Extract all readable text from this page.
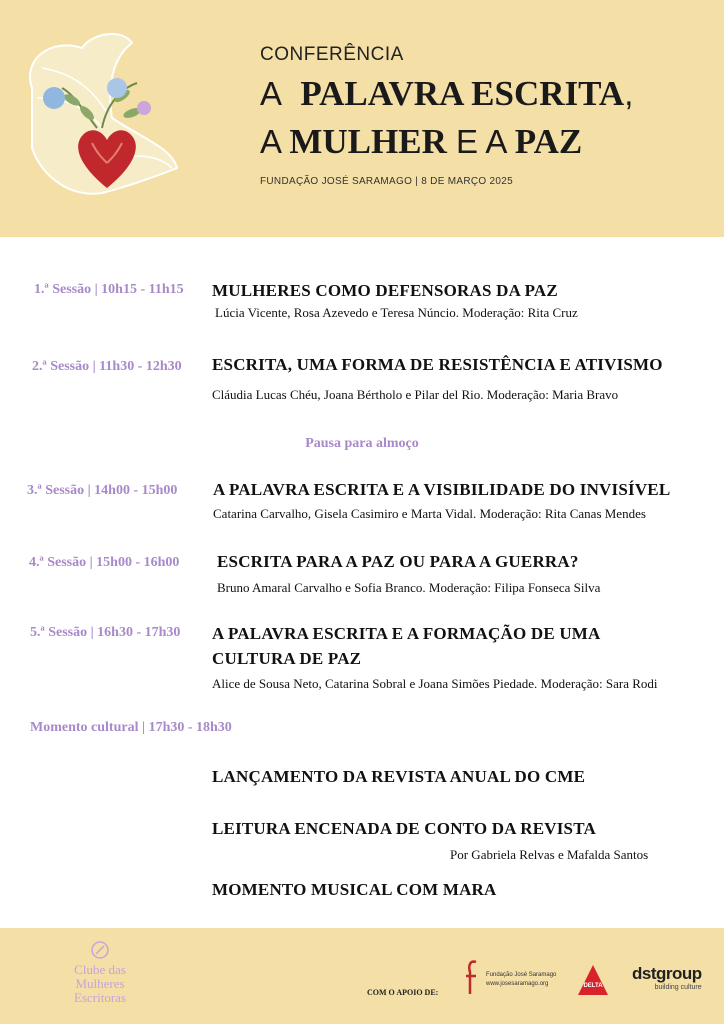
CONFERÊNCIA
A PALAVRA ESCRITA,
A MULHER E A PAZ
FUNDAÇÃO JOSÉ SARAMAGO | 8 DE MARÇO 2025
1.ª Sessão | 10h15 - 11h15 MULHERES COMO DEFENSORAS DA PAZ
Lúcia Vicente, Rosa Azevedo e Teresa Núncio. Moderação: Rita Cruz
2.ª Sessão | 11h30 - 12h30 ESCRITA, UMA FORMA DE RESISTÊNCIA E ATIVISMO
Cláudia Lucas Chéu, Joana Bértholo e Pilar del Rio. Moderação: Maria Bravo
Pausa para almoço
3.ª Sessão | 14h00 - 15h00 A PALAVRA ESCRITA E A VISIBILIDADE DO INVISÍVEL
Catarina Carvalho, Gisela Casimiro e Marta Vidal. Moderação: Rita Canas Mendes
4.ª Sessão | 15h00 - 16h00 ESCRITA PARA A PAZ OU PARA A GUERRA?
Bruno Amaral Carvalho e Sofia Branco. Moderação: Filipa Fonseca Silva
5.ª Sessão | 16h30 - 17h30 A PALAVRA ESCRITA E A FORMAÇÃO DE UMA
CULTURA DE PAZ
Alice de Sousa Neto, Catarina Sobral e Joana Simões Piedade. Moderação: Sara Rodi
Momento cultural | 17h30 - 18h30
LANÇAMENTO DA REVISTA ANUAL DO CME
LEITURA ENCENADA DE CONTO DA REVISTA
Por Gabriela Relvas e Mafalda Santos
MOMENTO MUSICAL COM MARA
Clube das
Mulheres
Escritoras	COM O APOIO DE:
Fundação José Saramago
www.josesaramago.org	DELTA
dstgroup
building culture
